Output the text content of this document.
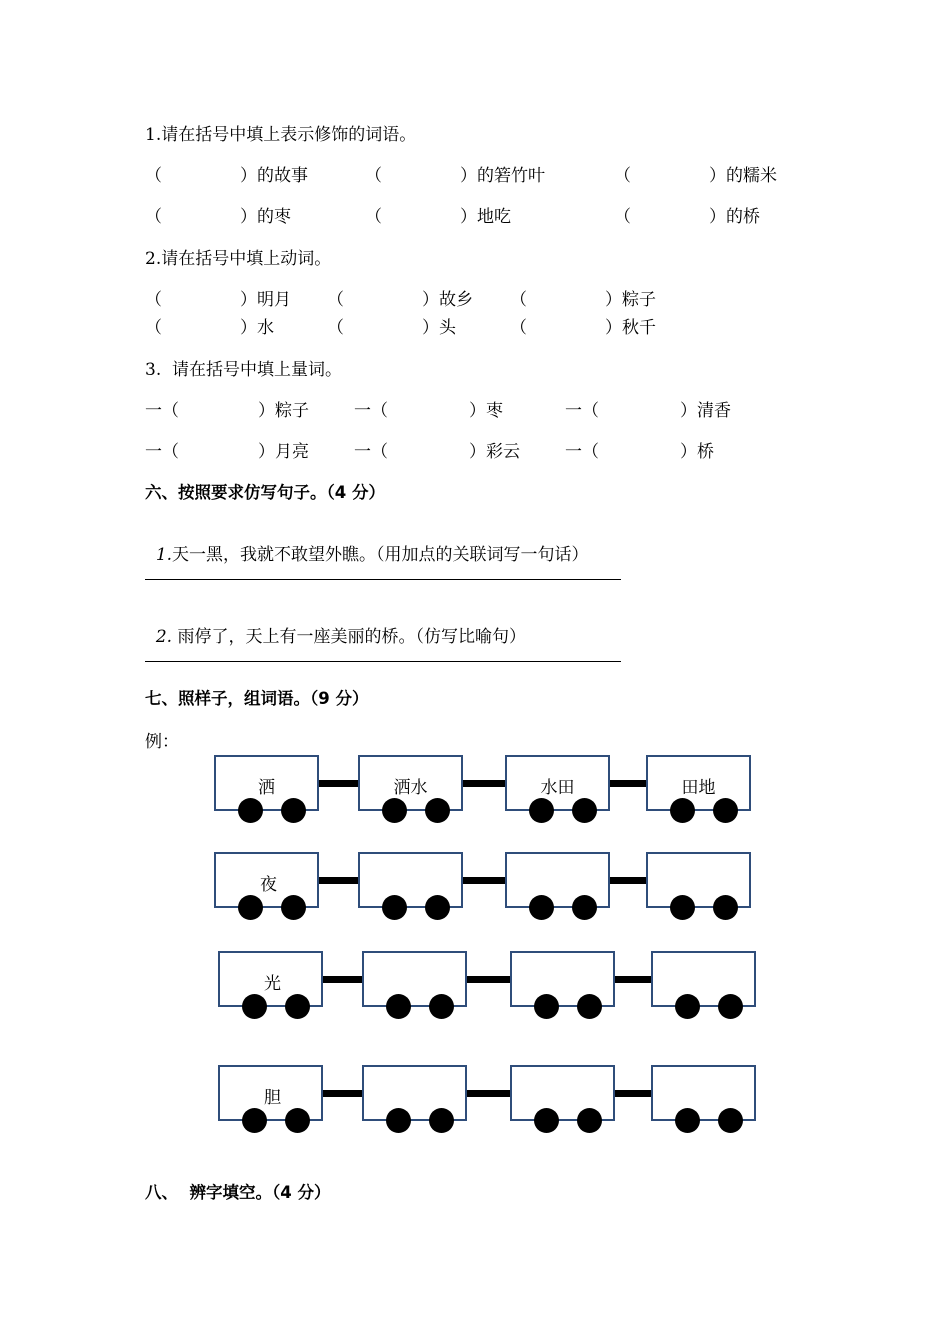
1.请在括号中填上表示修饰的词语。
（	）的故事	（	）的箬竹叶	（	）的糯米
（	）的枣	（	）地吃	（	）的桥
2.请在括号中填上动词。
（	）明月 （	）故乡 （	）粽子
（	）水	（	）头	（	）秋千
3.  请在括号中填上量词。
一（	）粽子	一（	）枣	一（	）清香
一（	）月亮	一（	）彩云	一（	）桥
六、按照要求仿写句子。（4 分）

1.天一黑，我就不敢望外瞧。（用加点的关联词写一句话）

2. 雨停了，天上有一座美丽的桥。（仿写比喻句）

七、照样子，组词语。（9 分）
例：
洒	洒水	水田	田地
夜
光
胆
八、  辨字填空。（4 分）
